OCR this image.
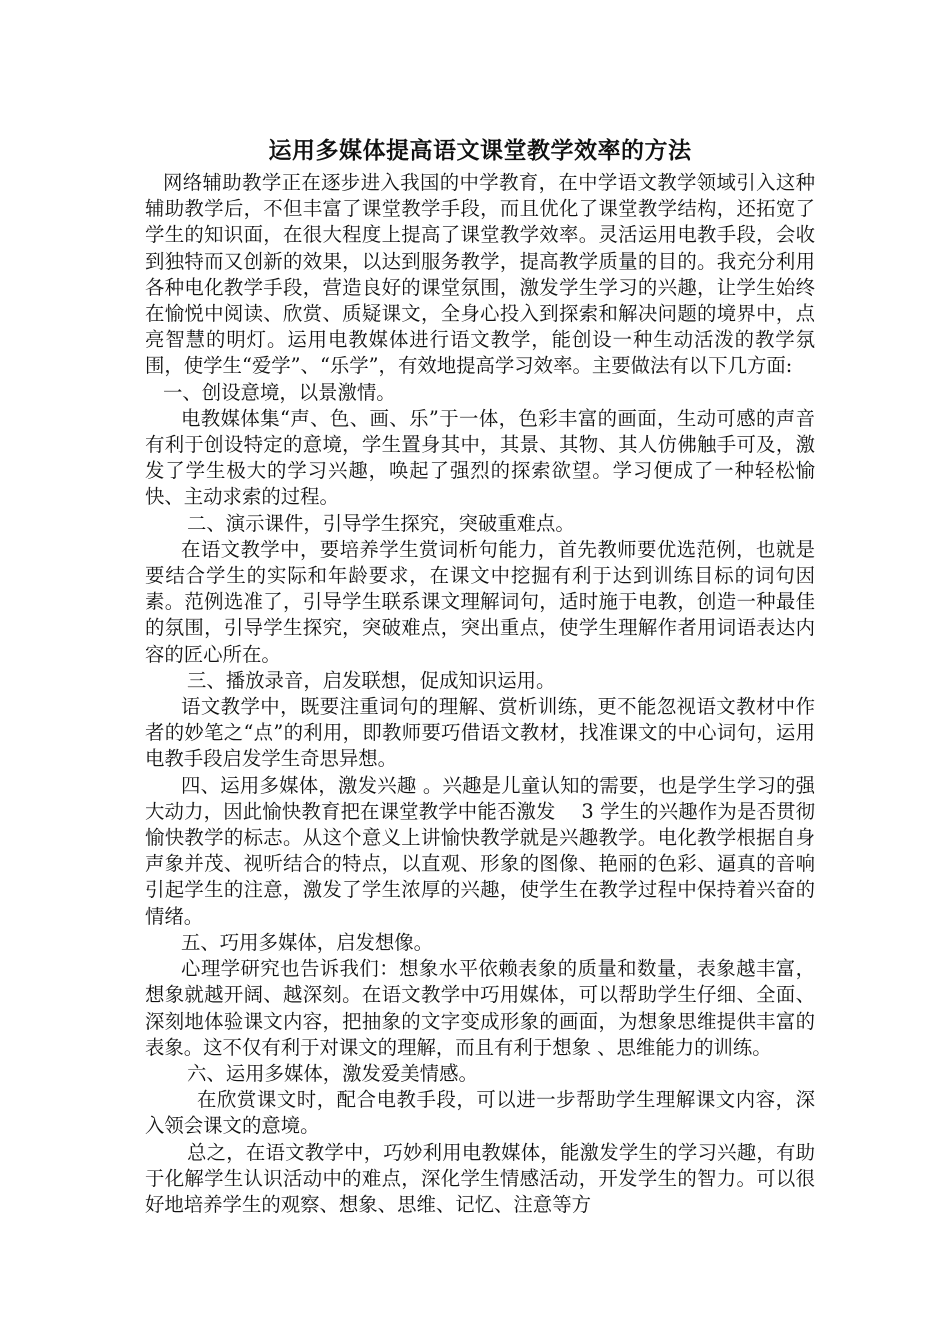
运用多媒体提高语文课堂教学效率的方法

网络辅助教学正在逐步进入我国的中学教育，在中学语文教学领域引入这种辅助教学后，不但丰富了课堂教学手段，而且优化了课堂教学结构，还拓宽了学生的知识面，在很大程度上提高了课堂教学效率。灵活运用电教手段，会收到独特而又创新的效果，以达到服务教学，提高教学质量的目的。我充分利用各种电化教学手段，营造良好的课堂氛围，激发学生学习的兴趣，让学生始终在愉悦中阅读、欣赏、质疑课文，全身心投入到探索和解决问题的境界中，点亮智慧的明灯。运用电教媒体进行语文教学，能创设一种生动活泼的教学氛围，使学生“爱学”、“乐学”，有效地提高学习效率。主要做法有以下几方面:

一、创设意境，以景激情。

电教媒体集“声、色、画、乐”于一体，色彩丰富的画面，生动可感的声音有利于创设特定的意境，学生置身其中，其景、其物、其人仿佛触手可及，激发了学生极大的学习兴趣，唤起了强烈的探索欲望。学习便成了一种轻松愉快、主动求索的过程。

二、演示课件，引导学生探究，突破重难点。

在语文教学中，要培养学生赏词析句能力，首先教师要优选范例，也就是要结合学生的实际和年龄要求，在课文中挖掘有利于达到训练目标的词句因素。范例选准了，引导学生联系课文理解词句，适时施于电教，创造一种最佳的氛围，引导学生探究，突破难点，突出重点，使学生理解作者用词语表达内容的匠心所在。

三、播放录音，启发联想，促成知识运用。

语文教学中，既要注重词句的理解、赏析训练，更不能忽视语文教材中作者的妙笔之“点”的利用，即教师要巧借语文教材，找准课文的中心词句，运用电教手段启发学生奇思异想。

四、运用多媒体，激发兴趣 。兴趣是儿童认知的需要，也是学生学习的强大动力，因此愉快教育把在课堂教学中能否激发　 3 学生的兴趣作为是否贯彻愉快教学的标志。从这个意义上讲愉快教学就是兴趣教学。电化教学根据自身声象并茂、视听结合的特点，以直观、形象的图像、艳丽的色彩、逼真的音响引起学生的注意，激发了学生浓厚的兴趣，使学生在教学过程中保持着兴奋的情绪。

五、巧用多媒体，启发想像。

心理学研究也告诉我们：想象水平依赖表象的质量和数量，表象越丰富，想象就越开阔、越深刻。在语文教学中巧用媒体，可以帮助学生仔细、全面、深刻地体验课文内容，把抽象的文字变成形象的画面，为想象思维提供丰富的表象。这不仅有利于对课文的理解，而且有利于想象 、思维能力的训练。

六、运用多媒体，激发爱美情感。

在欣赏课文时，配合电教手段，可以进一步帮助学生理解课文内容，深入领会课文的意境。

总之，在语文教学中，巧妙利用电教媒体，能激发学生的学习兴趣，有助于化解学生认识活动中的难点，深化学生情感活动，开发学生的智力。可以很好地培养学生的观察、想象、思维、记忆、注意等方
